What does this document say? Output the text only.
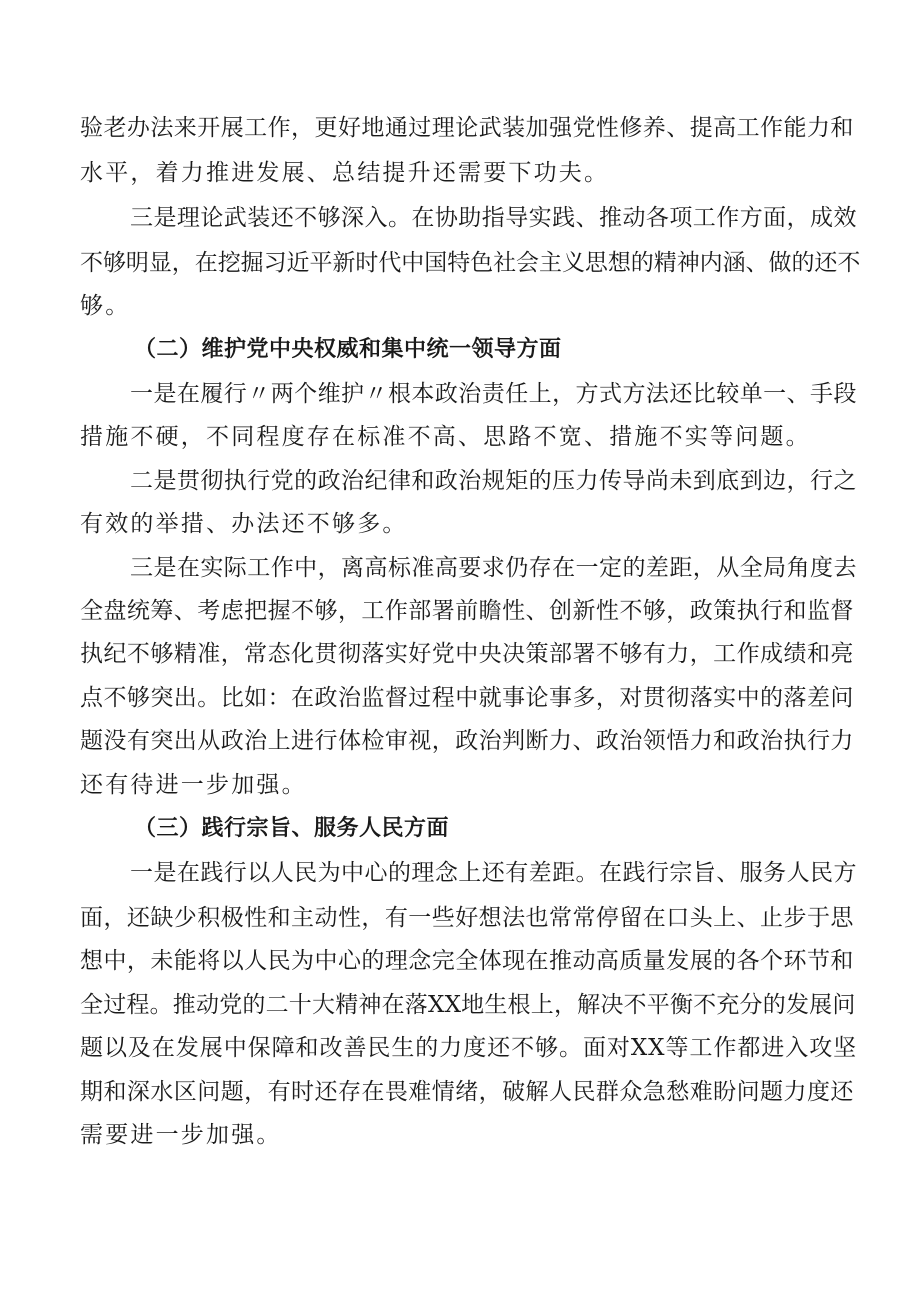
验老办法来开展工作，更好地通过理论武装加强党性修养、提高工作能力和
水平，着力推进发展、总结提升还需要下功夫。
三是理论武装还不够深入。在协助指导实践、推动各项工作方面，成效
不够明显，在挖掘习近平新时代中国特色社会主义思想的精神内涵、做的还不
够。
（二）维护党中央权威和集中统一领导方面
一是在履行〃两个维护〃根本政治责任上，方式方法还比较单一、手段
措施不硬，不同程度存在标准不高、思路不宽、措施不实等问题。
二是贯彻执行党的政治纪律和政治规矩的压力传导尚未到底到边，行之
有效的举措、办法还不够多。
三是在实际工作中，离高标准高要求仍存在一定的差距，从全局角度去
全盘统筹、考虑把握不够，工作部署前瞻性、创新性不够，政策执行和监督
执纪不够精准，常态化贯彻落实好党中央决策部署不够有力，工作成绩和亮
点不够突出。比如：在政治监督过程中就事论事多，对贯彻落实中的落差问
题没有突出从政治上进行体检审视，政治判断力、政治领悟力和政治执行力
还有待进一步加强。
（三）践行宗旨、服务人民方面
一是在践行以人民为中心的理念上还有差距。在践行宗旨、服务人民方
面，还缺少积极性和主动性，有一些好想法也常常停留在口头上、止步于思
想中，未能将以人民为中心的理念完全体现在推动高质量发展的各个环节和
全过程。推动党的二十大精神在落XX地生根上，解决不平衡不充分的发展问
题以及在发展中保障和改善民生的力度还不够。面对XX等工作都进入攻坚
期和深水区问题，有时还存在畏难情绪，破解人民群众急愁难盼问题力度还
需要进一步加强。
